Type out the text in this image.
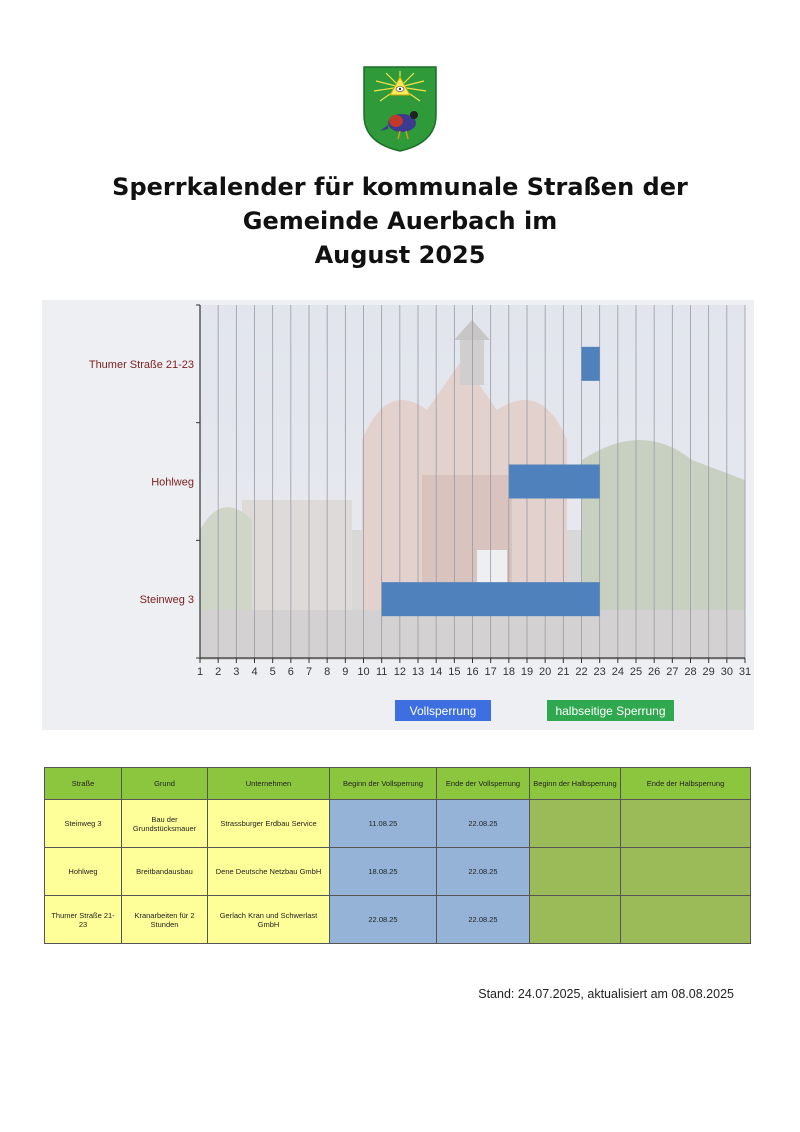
Sperrkalender für kommunale Straßen der
Gemeinde Auerbach im
August 2025
1 2 3 4 5 6 7 8 9 10 11 12 13 14 15 16 17 18 19 20 21 22 23 24 25 26 27 28 29 30 31
Thumer Straße 21-23
Hohlweg
Steinweg 3
Vollsperrung	halbseitige Sperrung
Straße	Grund	Unternehmen	Beginn der Vollsperrung	Ende der Vollsperrung	Beginn der Halbsperrung	Ende der Halbsperrung
Steinweg 3	Bau der Grundstücksmauer	Strassburger Erdbau Service	11.08.25	22.08.25		
Hohlweg	Breitbandausbau	Dene Deutsche Netzbau GmbH	18.08.25	22.08.25		
Thumer Straße 21-23	Kranarbeiten für 2 Stunden	Gerlach Kran und Schwerlast GmbH	22.08.25	22.08.25		
Stand: 24.07.2025, aktualisiert am 08.08.2025
